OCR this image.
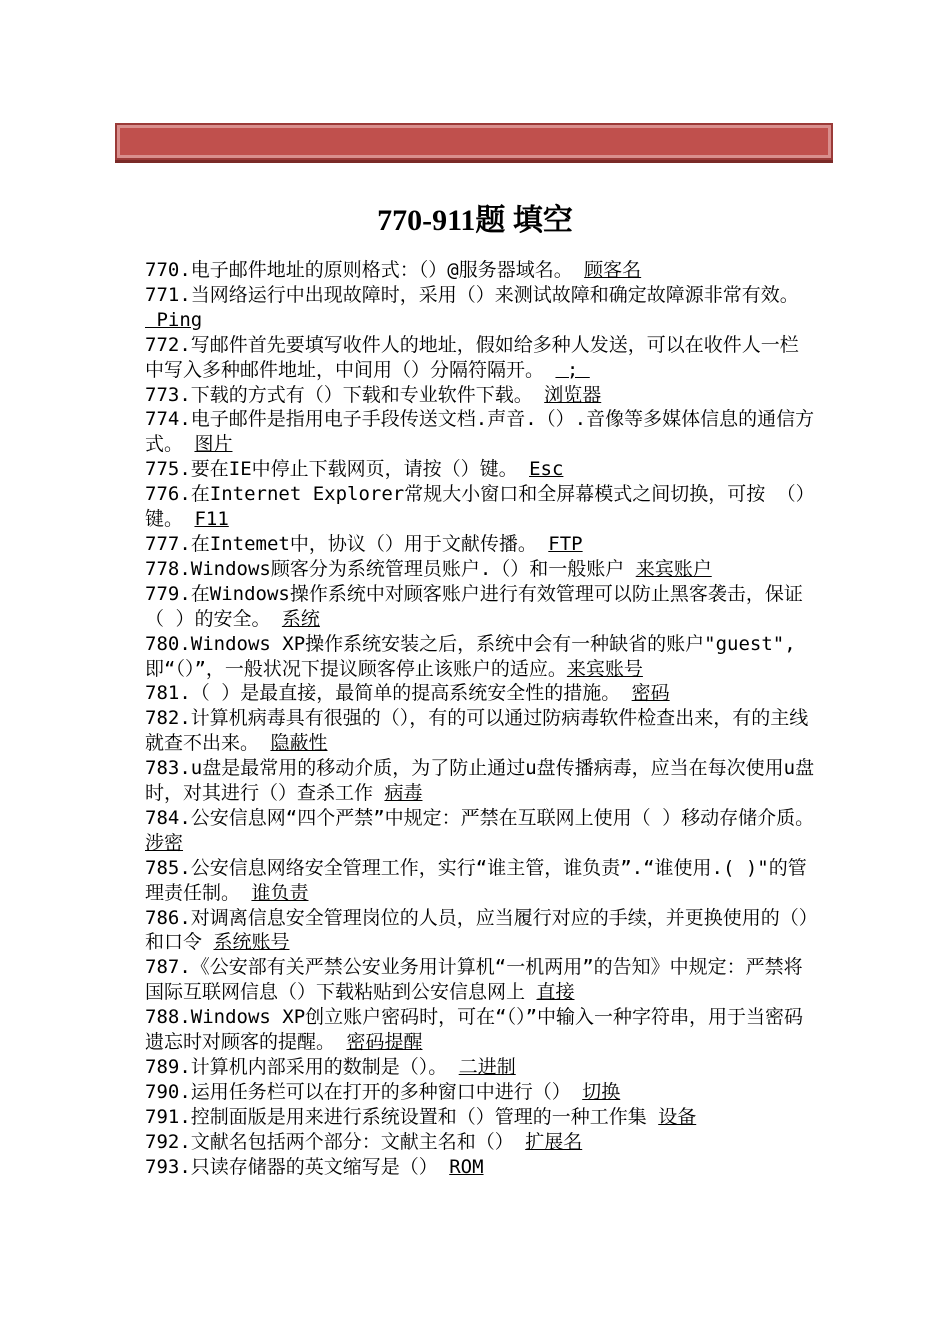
770-911题 填空

770.电子邮件地址的原则格式：（）@服务器域名。 顾客名

771.当网络运行中出现故障时，采用（）来测试故障和确定故障源非常有效。  Ping

772.写邮件首先要填写收件人的地址，假如给多种人发送，可以在收件人一栏中写入多种邮件地址，中间用（）分隔符隔开。  ;

773.下载的方式有（）下载和专业软件下载。 浏览器

774.电子邮件是指用电子手段传送文档.声音.（）.音像等多媒体信息的通信方式。 图片

775.要在IE中停止下载网页，请按（）键。 Esc

776.在Internet Explorer常规大小窗口和全屏幕模式之间切换，可按 （）键。 F11

777.在Intemet中，协议（）用于文献传播。 FTP

778.Windows顾客分为系统管理员账户.（）和一般账户 来宾账户

779.在Windows操作系统中对顾客账户进行有效管理可以防止黑客袭击，保证（ ）的安全。 系统

780.Windows XP操作系统安装之后，系统中会有一种缺省的账户"guest",即“（）”，一般状况下提议顾客停止该账户的适应。来宾账号

781.（ ）是最直接，最简单的提高系统安全性的措施。 密码

782.计算机病毒具有很强的（），有的可以通过防病毒软件检查出来，有的主线就查不出来。 隐蔽性

783.u盘是最常用的移动介质，为了防止通过u盘传播病毒，应当在每次使用u盘时，对其进行（）查杀工作 病毒

784.公安信息网“四个严禁”中规定：严禁在互联网上使用（ ）移动存储介质。 涉密

785.公安信息网络安全管理工作，实行“谁主管，谁负责”.“谁使用.( )"的管理责任制。 谁负责

786.对调离信息安全管理岗位的人员，应当履行对应的手续，并更换使用的（）和口令 系统账号

787.《公安部有关严禁公安业务用计算机“一机两用”的告知》中规定：严禁将国际互联网信息（）下载粘贴到公安信息网上 直接

788.Windows XP创立账户密码时，可在“（）”中输入一种字符串，用于当密码遗忘时对顾客的提醒。 密码提醒

789.计算机内部采用的数制是（）。 二进制

790.运用任务栏可以在打开的多种窗口中进行（） 切换

791.控制面版是用来进行系统设置和（）管理的一种工作集 设备

792.文献名包括两个部分：文献主名和（） 扩展名

793.只读存储器的英文缩写是（） ROM
